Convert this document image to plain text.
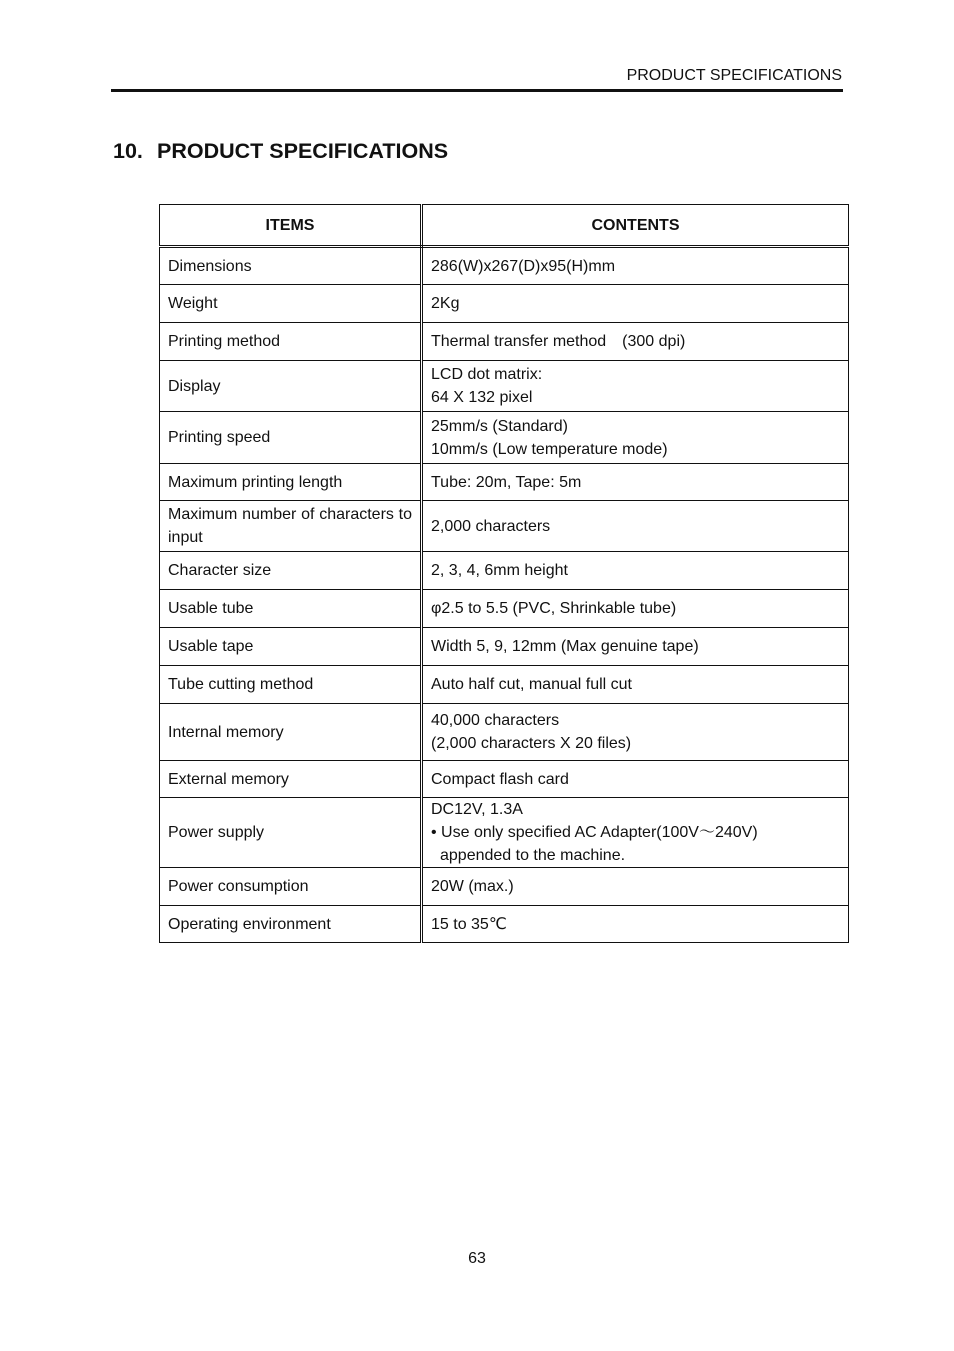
PRODUCT SPECIFICATIONS
10. PRODUCT SPECIFICATIONS
ITEMS	CONTENTS
Dimensions	286(W)x267(D)x95(H)mm
Weight	2Kg
Printing method	Thermal transfer method　(300 dpi)
Display	LCD dot matrix:
64 X 132 pixel

Printing speed	25mm/s (Standard)
10mm/s (Low temperature mode)

Maximum printing length	Tube: 20m, Tape: 5m
Maximum number of characters to input	2,000 characters
Character size	2, 3, 4, 6mm height
Usable tube	φ2.5 to 5.5 (PVC, Shrinkable tube)
Usable tape	Width 5, 9, 12mm (Max genuine tape)
Tube cutting method	Auto half cut, manual full cut
Internal memory	40,000 characters
(2,000 characters X 20 files)

External memory	Compact flash card
Power supply	DC12V, 1.3A
• Use only specified AC Adapter(100V～240V)
appended to the machine.

Power consumption	20W (max.)
Operating environment	15 to 35℃
63
